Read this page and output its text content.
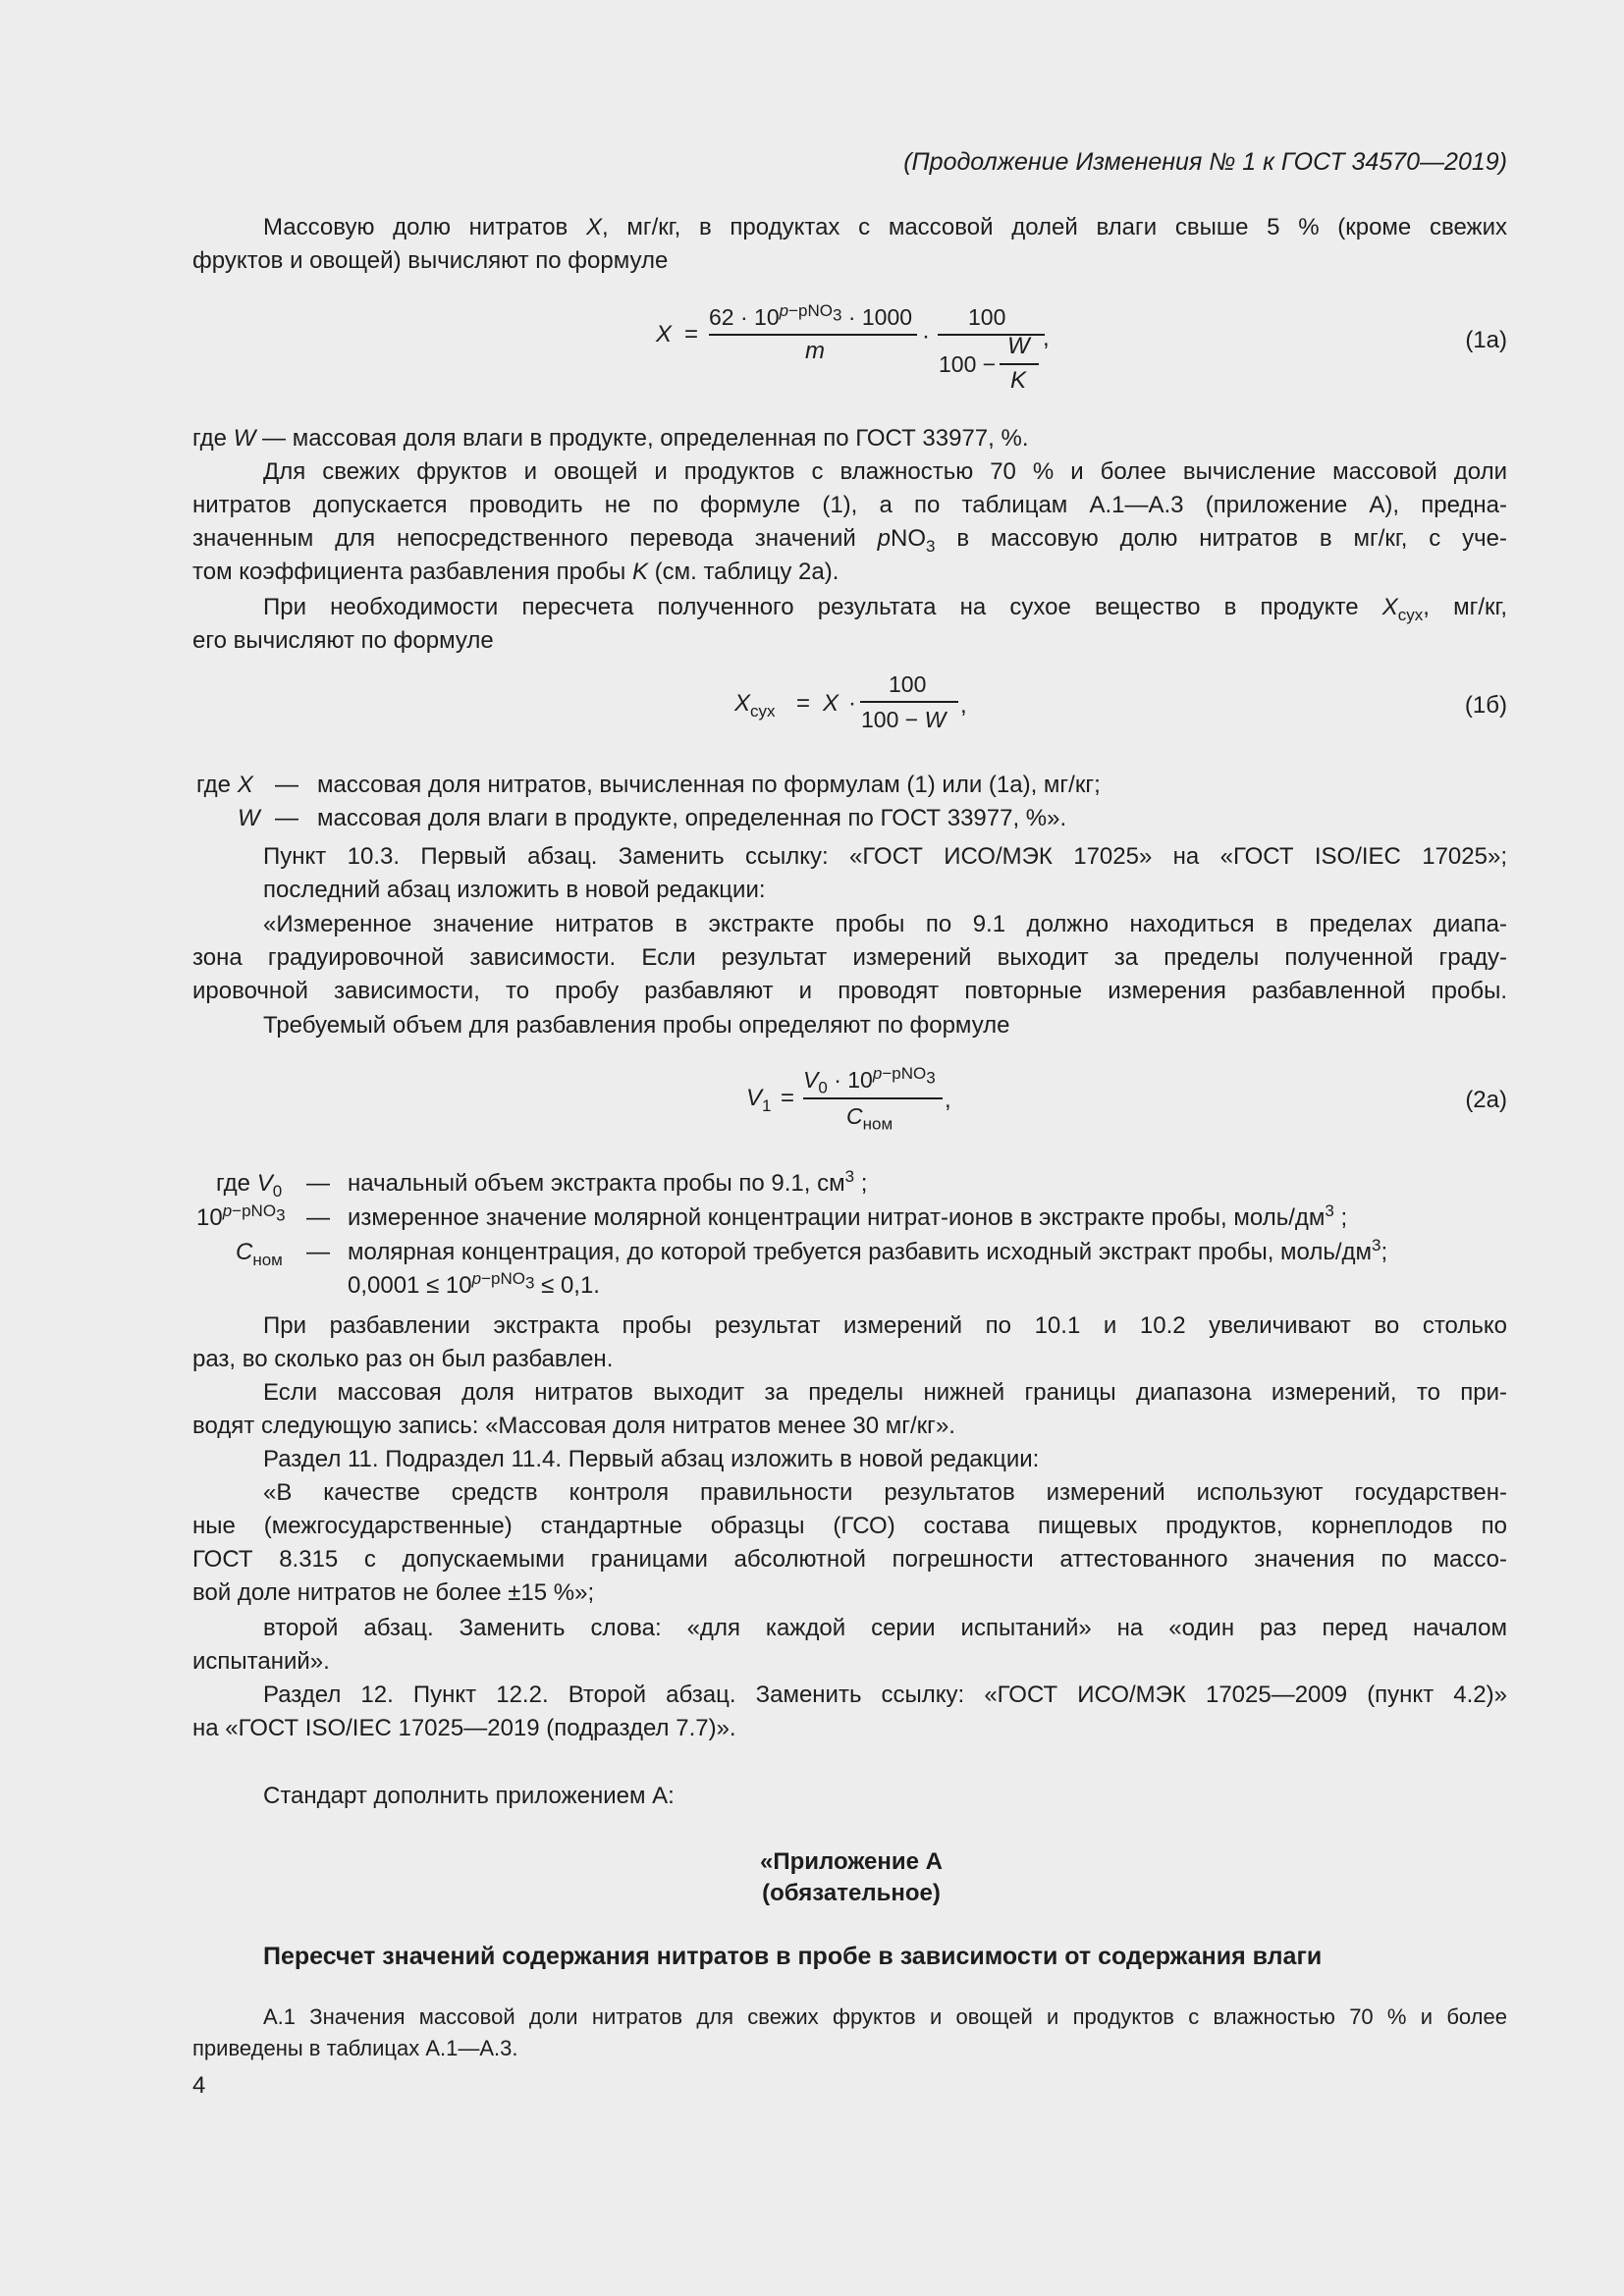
(Продолжение Изменения № 1 к ГОСТ 34570—2019)
Массовую долю нитратов X, мг/кг, в продуктах с массовой долей влаги свыше 5 % (кроме свежих
фруктов и овощей) вычисляют по формуле
X =
$62 \cdot 10^{p-pNO_3} \cdot 1000$
m
·
100
100 −
W
K
,	(1а)
где W — массовая доля влаги в продукте, определенная по ГОСТ 33977, %.
Для свежих фруктов и овощей и продуктов с влажностью 70 % и более вычисление массовой доли
нитратов допускается проводить не по формуле (1), а по таблицам А.1—А.3 (приложение А), предна-
значенным для непосредственного перевода значений pNO$_3$ в массовую долю нитратов в мг/кг, с уче-
том коэффициента разбавления пробы K (см. таблицу 2а).
При необходимости пересчета полученного результата на сухое вещество в продукте $X_{сух}$, мг/кг,
его вычисляют по формуле
$X_{сух} = X$ ·
100
100 − W
,	(1б)
где X — массовая доля нитратов, вычисленная по формулам (1) или (1а), мг/кг;
W — массовая доля влаги в продукте, определенная по ГОСТ 33977, %».
Пункт 10.3. Первый абзац. Заменить ссылку: «ГОСТ ИСО/МЭК 17025» на «ГОСТ ISO/IEC 17025»;
последний абзац изложить в новой редакции:
«Измеренное значение нитратов в экстракте пробы по 9.1 должно находиться в пределах диапа-
зона градуировочной зависимости. Если результат измерений выходит за пределы полученной граду-
ировочной зависимости, то пробу разбавляют и проводят повторные измерения разбавленной пробы.
Требуемый объем для разбавления пробы определяют по формуле
$V_1$ =
$V_0 \cdot 10^{p-pNO_3}$
$C_{ном}$
,	(2а)
где $V_0$ — начальный объем экстракта пробы по 9.1, $см^3$ ;
$10^{p-pNO_3}$ — измеренное значение молярной концентрации нитрат-ионов в экстракте пробы, моль/$дм^3$ ;
$C_{ном}$ — молярная концентрация, до которой требуется разбавить исходный экстракт пробы, моль/$дм^3$;
$0,0001 \le 10^{p-pNO_3} \le 0,1$.
При разбавлении экстракта пробы результат измерений по 10.1 и 10.2 увеличивают во столько
раз, во сколько раз он был разбавлен.
Если массовая доля нитратов выходит за пределы нижней границы диапазона измерений, то при-
водят следующую запись: «Массовая доля нитратов менее 30 мг/кг».
Раздел 11. Подраздел 11.4. Первый абзац изложить в новой редакции:
«В качестве средств контроля правильности результатов измерений используют государствен-
ные (межгосударственные) стандартные образцы (ГСО) состава пищевых продуктов, корнеплодов по
ГОСТ 8.315 с допускаемыми границами абсолютной погрешности аттестованного значения по массо-
вой доле нитратов не более ±15 %»;
второй абзац. Заменить слова: «для каждой серии испытаний» на «один раз перед началом
испытаний».
Раздел 12. Пункт 12.2. Второй абзац. Заменить ссылку: «ГОСТ ИСО/МЭК 17025—2009 (пункт 4.2)»
на «ГОСТ ISO/IEC 17025—2019 (подраздел 7.7)».
Стандарт дополнить приложением А:
«Приложение А
(обязательное)
Пересчет значений содержания нитратов в пробе в зависимости от содержания влаги
А.1 Значения массовой доли нитратов для свежих фруктов и овощей и продуктов с влажностью 70 % и более
приведены в таблицах А.1—А.3.
4
